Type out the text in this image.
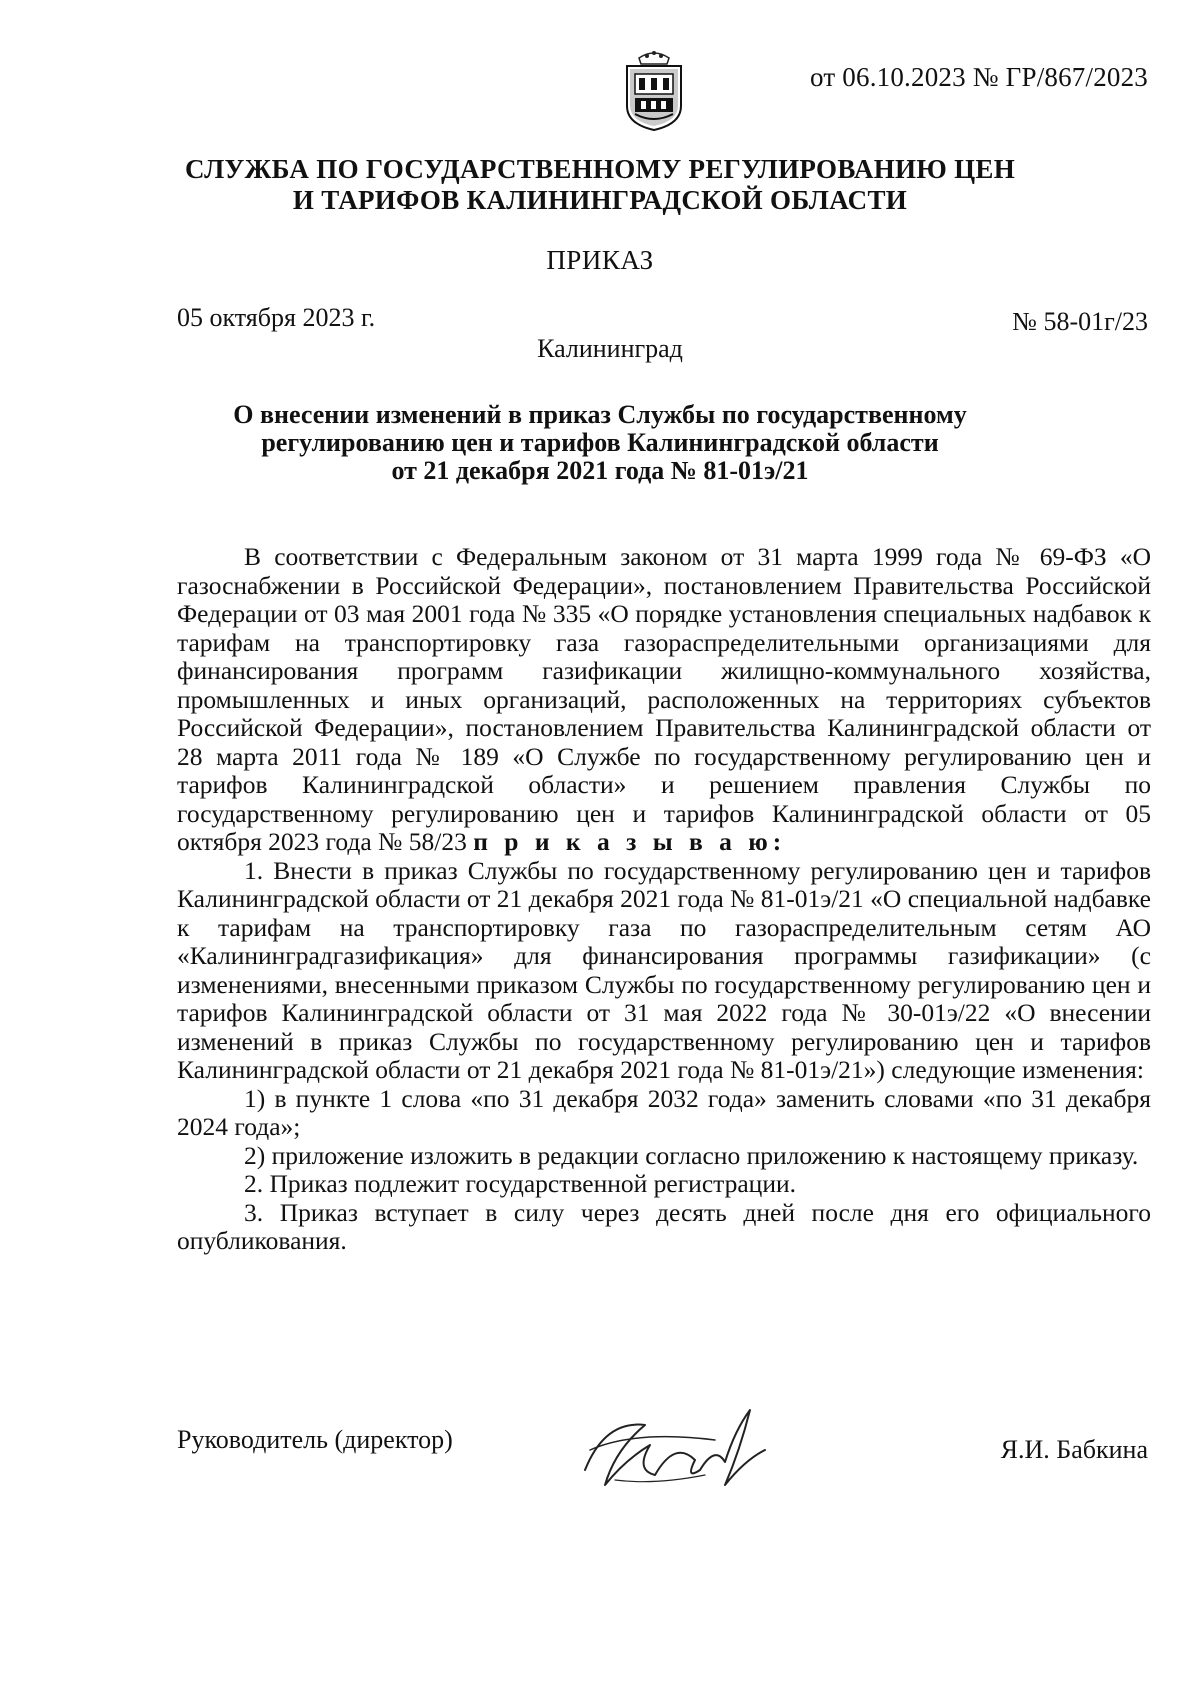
от 06.10.2023 № ГР/867/2023
СЛУЖБА ПО ГОСУДАРСТВЕННОМУ РЕГУЛИРОВАНИЮ ЦЕН
И ТАРИФОВ КАЛИНИНГРАДСКОЙ ОБЛАСТИ
ПРИКАЗ
05 октября 2023 г.	№ 58-01г/23
Калининград
О внесении изменений в приказ Службы по государственному
регулированию цен и тарифов Калининградской области
от 21 декабря 2021 года № 81-01э/21

В соответствии с Федеральным законом от 31 марта 1999 года № 69-ФЗ «О газоснабжении в Российской Федерации», постановлением Правительства Российской Федерации от 03 мая 2001 года № 335 «О порядке установления специальных надбавок к тарифам на транспортировку газа газораспределительными организациями для финансирования программ газификации жилищно-коммунального хозяйства, промышленных и иных организаций, расположенных на территориях субъектов Российской Федерации», постановлением Правительства Калининградской области от 28 марта 2011 года № 189 «О Службе по государственному регулированию цен и тарифов Калининградской области» и решением правления Службы по государственному регулированию цен и тарифов Калининградской области от 05 октября 2023 года № 58/23 п р и к а з ы в а ю:

1. Внести в приказ Службы по государственному регулированию цен и тарифов Калининградской области от 21 декабря 2021 года № 81-01э/21 «О специальной надбавке к тарифам на транспортировку газа по газораспределительным сетям АО «Калининградгазификация» для финансирования программы газификации» (с изменениями, внесенными приказом Службы по государственному регулированию цен и тарифов Калининградской области от 31 мая 2022 года № 30-01э/22 «О внесении изменений в приказ Службы по государственному регулированию цен и тарифов Калининградской области от 21 декабря 2021 года № 81-01э/21») следующие изменения:

1) в пункте 1 слова «по 31 декабря 2032 года» заменить словами «по 31 декабря 2024 года»;

2) приложение изложить в редакции согласно приложению к настоящему приказу.

2. Приказ подлежит государственной регистрации.

3. Приказ вступает в силу через десять дней после дня его официального опубликования.

Руководитель (директор)	Я.И. Бабкина
